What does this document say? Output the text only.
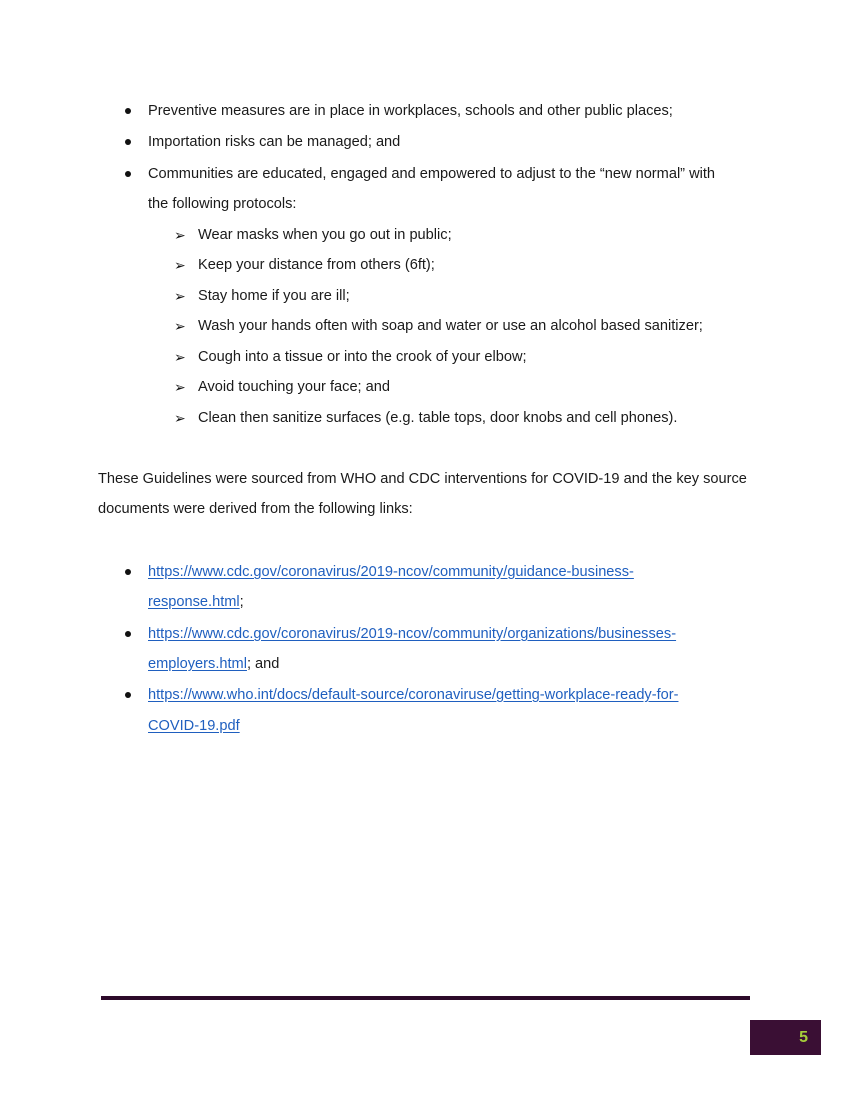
Preventive measures are in place in workplaces, schools and other public places;
Importation risks can be managed; and
Communities are educated, engaged and empowered to adjust to the “new normal” with
the following protocols:
➢ Wear masks when you go out in public;
➢ Keep your distance from others (6ft);
➢ Stay home if you are ill;
➢ Wash your hands often with soap and water or use an alcohol based sanitizer;
➢ Cough into a tissue or into the crook of your elbow;
➢ Avoid touching your face; and
➢ Clean then sanitize surfaces (e.g. table tops, door knobs and cell phones).
These Guidelines were sourced from WHO and CDC interventions for COVID-19 and the key source
documents were derived from the following links:
https://www.cdc.gov/coronavirus/2019-ncov/community/guidance-business-
response.html;
https://www.cdc.gov/coronavirus/2019-ncov/community/organizations/businesses-
employers.html; and
https://www.who.int/docs/default-source/coronaviruse/getting-workplace-ready-for-
COVID-19.pdf
5
